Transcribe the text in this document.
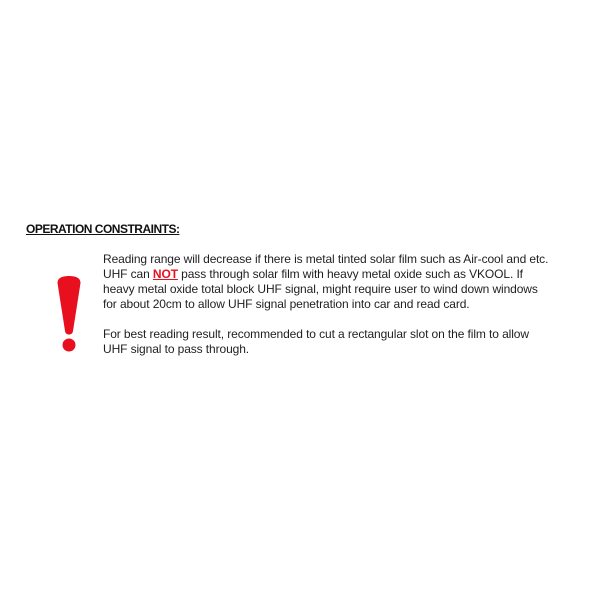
OPERATION CONSTRAINTS:

Reading range will decrease if there is metal tinted solar film such as Air-cool and etc. UHF can NOT pass through solar film with heavy metal oxide such as VKOOL. If heavy metal oxide total block UHF signal, might require user to wind down windows for about 20cm to allow UHF signal penetration into car and read card.

For best reading result, recommended to cut a rectangular slot on the film to allow UHF signal to pass through.
